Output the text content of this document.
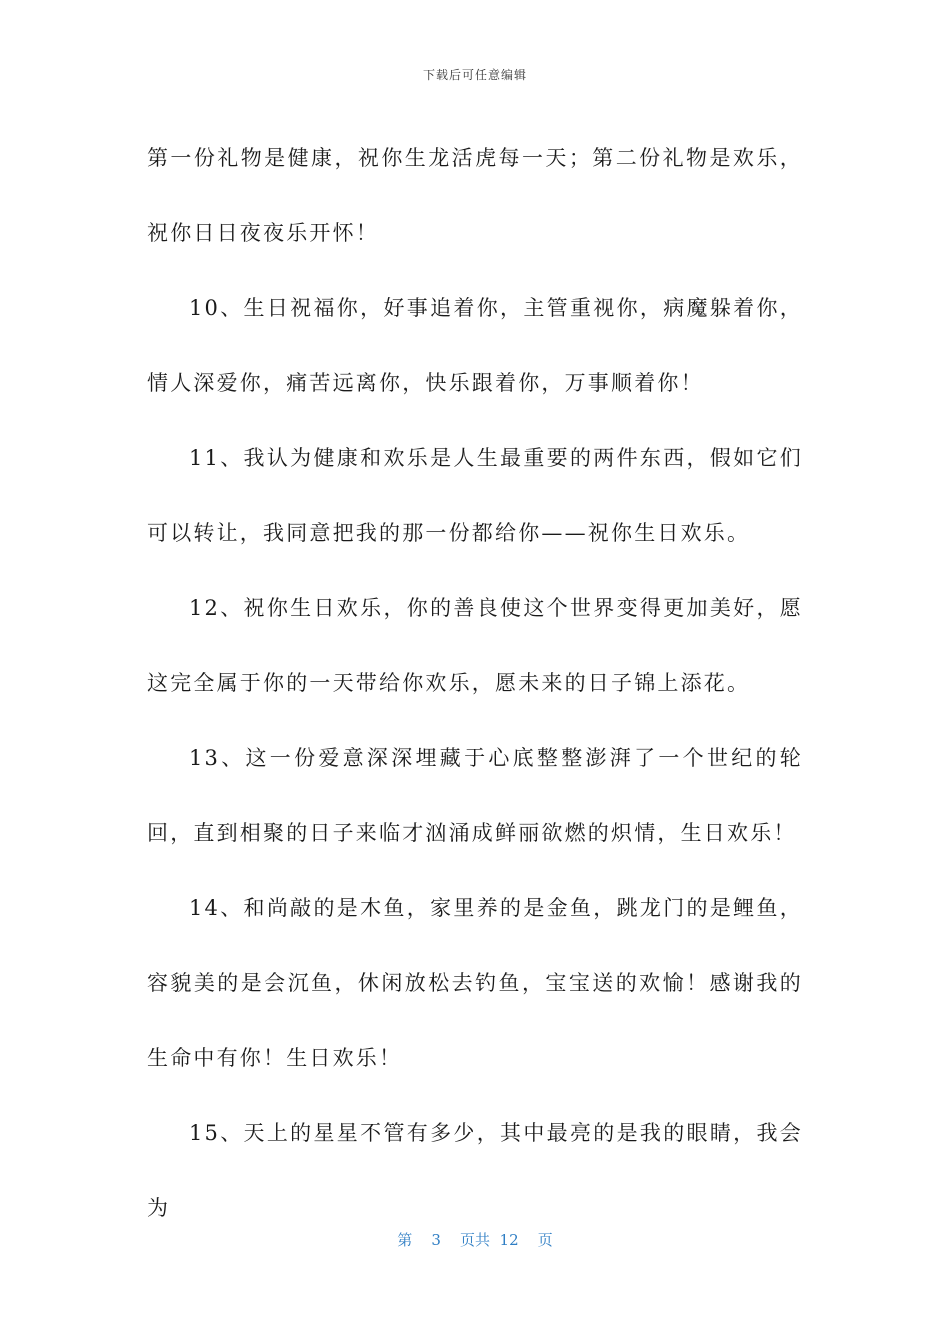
下载后可任意编辑

第一份礼物是健康，祝你生龙活虎每一天；第二份礼物是欢乐，祝你日日夜夜乐开怀！

10、生日祝福你，好事追着你，主管重视你，病魔躲着你，情人深爱你，痛苦远离你，快乐跟着你，万事顺着你！

11、我认为健康和欢乐是人生最重要的两件东西，假如它们可以转让，我同意把我的那一份都给你——祝你生日欢乐。

12、祝你生日欢乐，你的善良使这个世界变得更加美好，愿这完全属于你的一天带给你欢乐，愿未来的日子锦上添花。

13、这一份爱意深深埋藏于心底整整澎湃了一个世纪的轮回，直到相聚的日子来临才汹涌成鲜丽欲燃的炽情，生日欢乐！

14、和尚敲的是木鱼，家里养的是金鱼，跳龙门的是鲤鱼，容貌美的是会沉鱼，休闲放松去钓鱼，宝宝送的欢愉！感谢我的生命中有你！生日欢乐！

15、天上的星星不管有多少，其中最亮的是我的眼睛，我会为

第 3 页共 12 页
